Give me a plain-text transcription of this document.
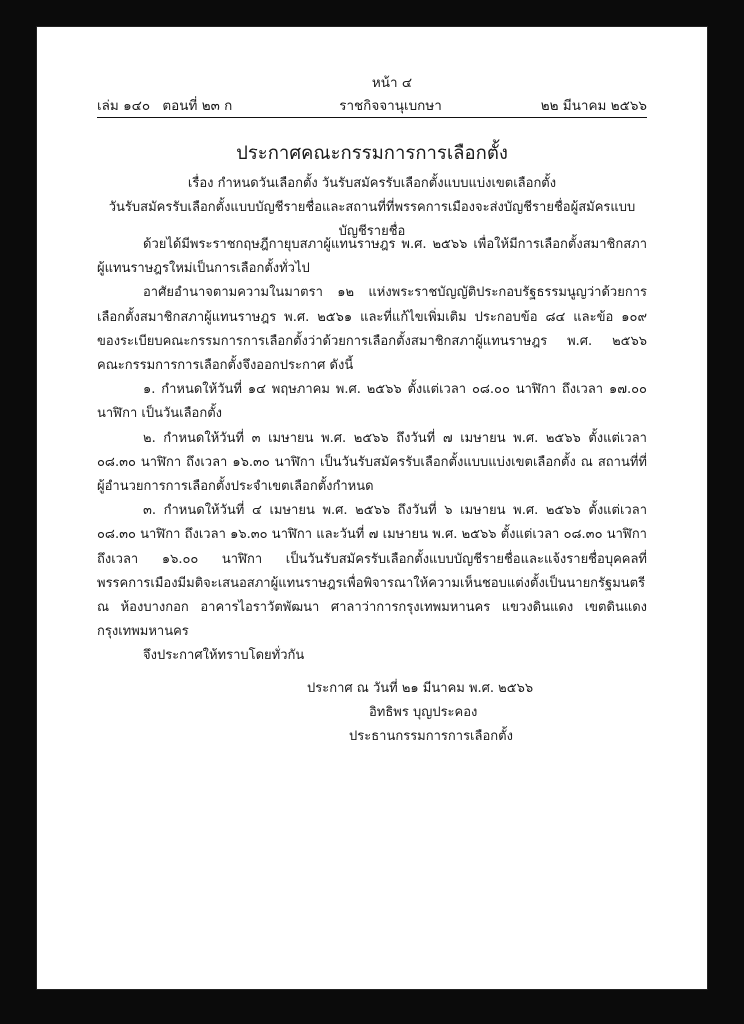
หน้า ๔
เล่ม ๑๔๐ ตอนที่ ๒๓ ก	ราชกิจจานุเบกษา	๒๒ มีนาคม ๒๕๖๖
ประกาศคณะกรรมการการเลือกตั้ง
เรื่อง กำหนดวันเลือกตั้ง วันรับสมัครรับเลือกตั้งแบบแบ่งเขตเลือกตั้ง
วันรับสมัครรับเลือกตั้งแบบบัญชีรายชื่อและสถานที่ที่พรรคการเมืองจะส่งบัญชีรายชื่อผู้สมัครแบบบัญชีรายชื่อ

ด้วยได้มีพระราชกฤษฎีกายุบสภาผู้แทนราษฎร พ.ศ. ๒๕๖๖ เพื่อให้มีการเลือกตั้งสมาชิกสภาผู้แทนราษฎรใหม่เป็นการเลือกตั้งทั่วไป

อาศัยอำนาจตามความในมาตรา ๑๒ แห่งพระราชบัญญัติประกอบรัฐธรรมนูญว่าด้วยการเลือกตั้งสมาชิกสภาผู้แทนราษฎร พ.ศ. ๒๕๖๑ และที่แก้ไขเพิ่มเติม ประกอบข้อ ๘๔ และข้อ ๑๐๙ ของระเบียบคณะกรรมการการเลือกตั้งว่าด้วยการเลือกตั้งสมาชิกสภาผู้แทนราษฎร พ.ศ. ๒๕๖๖ คณะกรรมการการเลือกตั้งจึงออกประกาศ ดังนี้

๑. กำหนดให้วันที่ ๑๔ พฤษภาคม พ.ศ. ๒๕๖๖ ตั้งแต่เวลา ๐๘.๐๐ นาฬิกา ถึงเวลา ๑๗.๐๐ นาฬิกา เป็นวันเลือกตั้ง

๒. กำหนดให้วันที่ ๓ เมษายน พ.ศ. ๒๕๖๖ ถึงวันที่ ๗ เมษายน พ.ศ. ๒๕๖๖ ตั้งแต่เวลา ๐๘.๓๐ นาฬิกา ถึงเวลา ๑๖.๓๐ นาฬิกา เป็นวันรับสมัครรับเลือกตั้งแบบแบ่งเขตเลือกตั้ง ณ สถานที่ที่ผู้อำนวยการการเลือกตั้งประจำเขตเลือกตั้งกำหนด

๓. กำหนดให้วันที่ ๔ เมษายน พ.ศ. ๒๕๖๖ ถึงวันที่ ๖ เมษายน พ.ศ. ๒๕๖๖ ตั้งแต่เวลา ๐๘.๓๐ นาฬิกา ถึงเวลา ๑๖.๓๐ นาฬิกา และวันที่ ๗ เมษายน พ.ศ. ๒๕๖๖ ตั้งแต่เวลา ๐๘.๓๐ นาฬิกา ถึงเวลา ๑๖.๐๐ นาฬิกา เป็นวันรับสมัครรับเลือกตั้งแบบบัญชีรายชื่อและแจ้งรายชื่อบุคคลที่พรรคการเมืองมีมติจะเสนอสภาผู้แทนราษฎรเพื่อพิจารณาให้ความเห็นชอบแต่งตั้งเป็นนายกรัฐมนตรี ณ ห้องบางกอก อาคารไอราวัตพัฒนา ศาลาว่าการกรุงเทพมหานคร แขวงดินแดง เขตดินแดง กรุงเทพมหานคร

จึงประกาศให้ทราบโดยทั่วกัน

ประกาศ ณ วันที่ ๒๑ มีนาคม พ.ศ. ๒๕๖๖
อิทธิพร บุญประคอง
ประธานกรรมการการเลือกตั้ง
